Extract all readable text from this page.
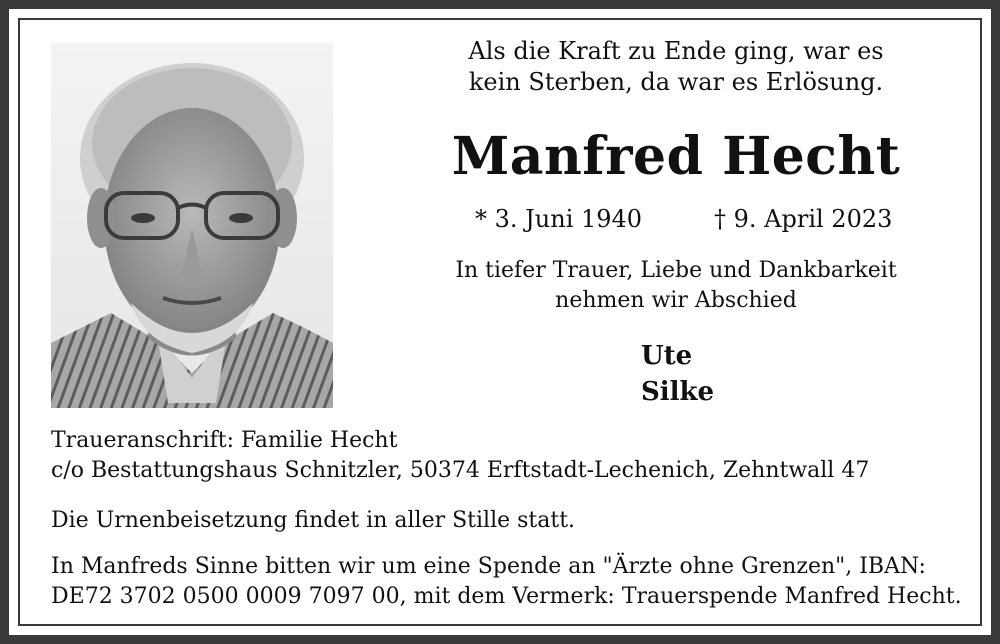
Als die Kraft zu Ende ging, war es
kein Sterben, da war es Erlösung.
Manfred Hecht
* 3. Juni 1940	† 9. April 2023
In tiefer Trauer, Liebe und Dankbarkeit
nehmen wir Abschied
Ute
Silke
Traueranschrift: Familie Hecht
c/o Bestattungshaus Schnitzler, 50374 Erftstadt-Lechenich, Zehntwall 47
Die Urnenbeisetzung findet in aller Stille statt.
In Manfreds Sinne bitten wir um eine Spende an "Ärzte ohne Grenzen", IBAN:
DE72 3702 0500 0009 7097 00, mit dem Vermerk: Trauerspende Manfred Hecht.
